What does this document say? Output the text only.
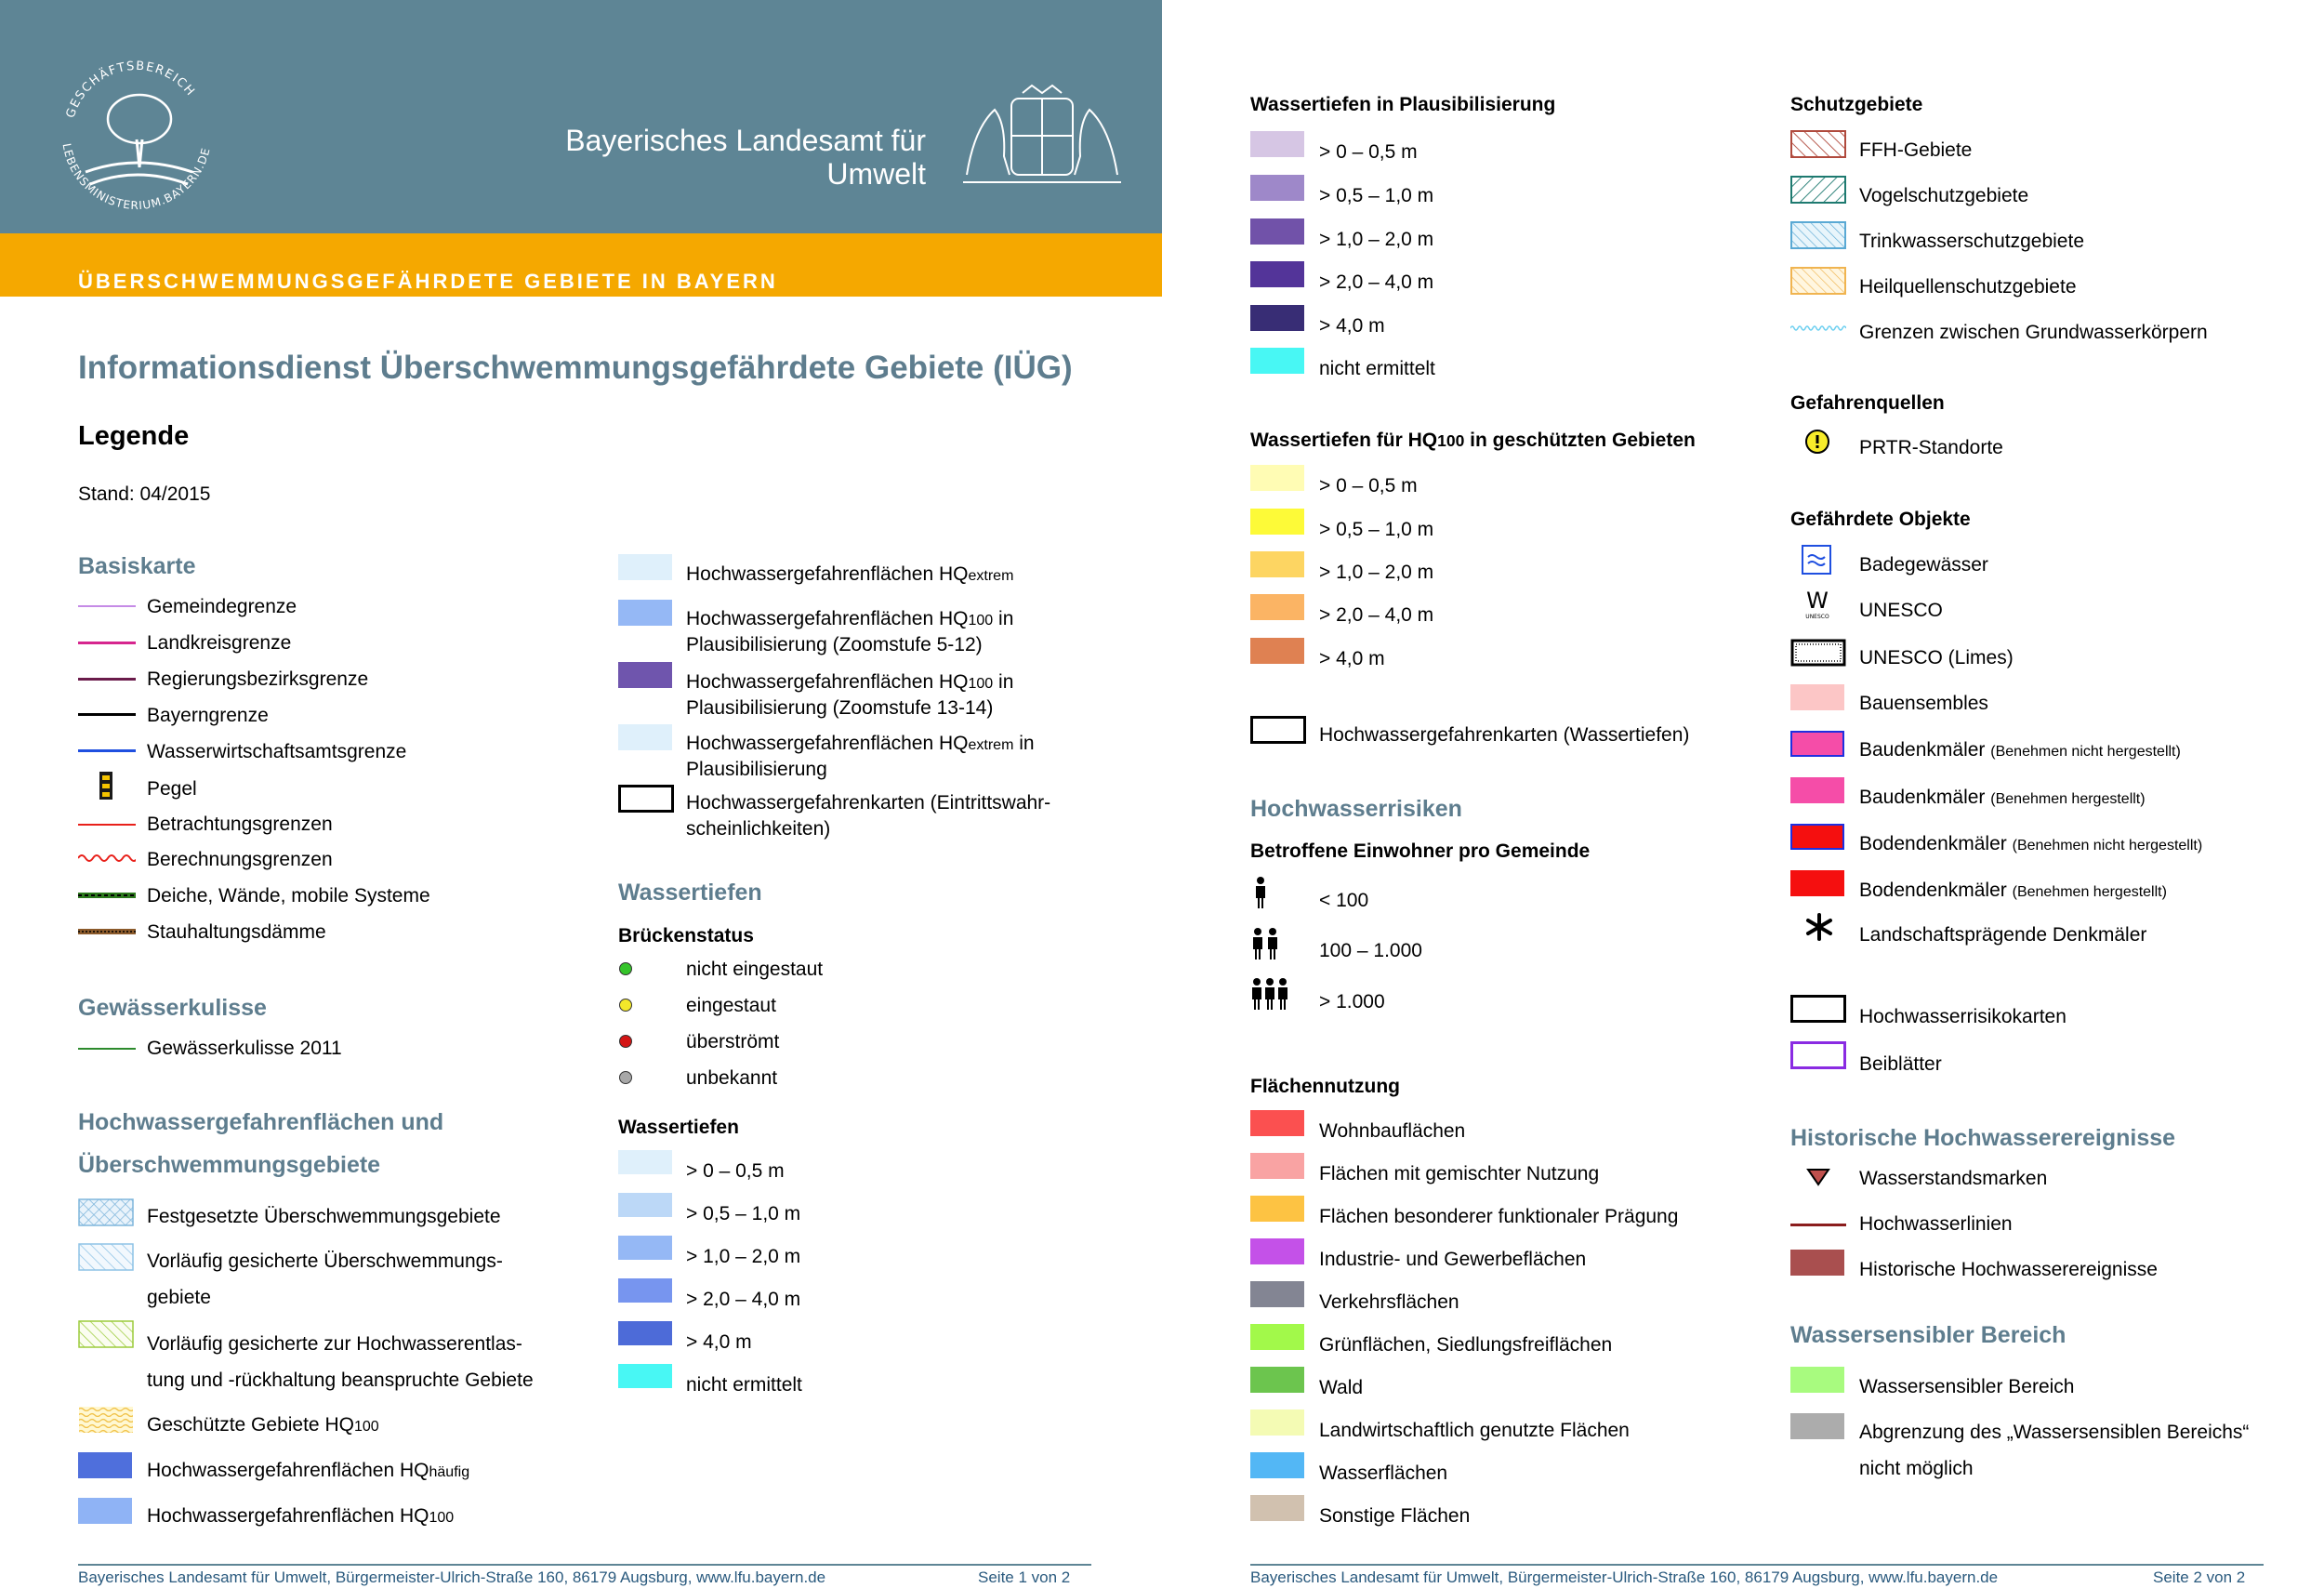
ÜBERSCHWEMMUNGSGEFÄHRDETE GEBIETE IN BAYERN
GESCHÄFTSBEREICH
LEBENSMINISTERIUM.BAYERN.DE	Bayerisches Landesamt für
Umwelt
Informationsdienst Überschwemmungsgefährdete Gebiete (IÜG)
Legende
Stand: 04/2015
Basiskarte
Gemeindegrenze
Landkreisgrenze
Regierungsbezirksgrenze
Bayerngrenze
Wasserwirtschaftsamtsgrenze
Pegel
Betrachtungsgrenzen
Berechnungsgrenzen
Deiche, Wände, mobile Systeme
Stauhaltungsdämme
Gewässerkulisse
Gewässerkulisse 2011
Hochwassergefahrenflächen und
Überschwemmungsgebiete
Festgesetzte Überschwemmungsgebiete
Vorläufig gesicherte Überschwemmungs-
gebiete
Vorläufig gesicherte zur Hochwasserentlas-
tung und -rückhaltung beanspruchte Gebiete
Geschützte Gebiete HQ100
Hochwassergefahrenflächen HQhäufig
Hochwassergefahrenflächen HQ100
Hochwassergefahrenflächen HQextrem
Hochwassergefahrenflächen HQ100 in
Plausibilisierung (Zoomstufe 5-12)
Hochwassergefahrenflächen HQ100 in
Plausibilisierung (Zoomstufe 13-14)
Hochwassergefahrenflächen HQextrem in
Plausibilisierung
Hochwassergefahrenkarten (Eintrittswahr-
scheinlichkeiten)
Wassertiefen
Brückenstatus
nicht eingestaut
eingestaut
überströmt
unbekannt
Wassertiefen
> 0 – 0,5 m
> 0,5 – 1,0 m
> 1,0 – 2,0 m
> 2,0 – 4,0 m
> 4,0 m
nicht ermittelt
Bayerisches Landesamt für Umwelt, Bürgermeister-Ulrich-Straße 160, 86179 Augsburg, www.lfu.bayern.de	Seite 1 von 2
Wassertiefen in Plausibilisierung
> 0 – 0,5 m
> 0,5 – 1,0 m
> 1,0 – 2,0 m
> 2,0 – 4,0 m
> 4,0 m
nicht ermittelt
Wassertiefen für HQ100 in geschützten Gebieten
> 0 – 0,5 m
> 0,5 – 1,0 m
> 1,0 – 2,0 m
> 2,0 – 4,0 m
> 4,0 m
Hochwassergefahrenkarten (Wassertiefen)
Hochwasserrisiken
Betroffene Einwohner pro Gemeinde
< 100
100 – 1.000
> 1.000
Flächennutzung
Wohnbauflächen
Flächen mit gemischter Nutzung
Flächen besonderer funktionaler Prägung
Industrie- und Gewerbeflächen
Verkehrsflächen
Grünflächen, Siedlungsfreiflächen
Wald
Landwirtschaftlich genutzte Flächen
Wasserflächen
Sonstige Flächen
Schutzgebiete
FFH-Gebiete
Vogelschutzgebiete
Trinkwasserschutzgebiete
Heilquellenschutzgebiete
Grenzen zwischen Grundwasserkörpern
Gefahrenquellen
PRTR-Standorte
Gefährdete Objekte
Badegewässer
W
UNESCO UNESCO
UNESCO (Limes)
Bauensembles
Baudenkmäler (Benehmen nicht hergestellt)
Baudenkmäler (Benehmen hergestellt)
Bodendenkmäler (Benehmen nicht hergestellt)
Bodendenkmäler (Benehmen hergestellt)
Landschaftsprägende Denkmäler
Hochwasserrisikokarten
Beiblätter
Historische Hochwasserereignisse
Wasserstandsmarken
Hochwasserlinien
Historische Hochwasserereignisse
Wassersensibler Bereich
Wassersensibler Bereich
Abgrenzung des „Wassersensiblen Bereichs“
nicht möglich
Bayerisches Landesamt für Umwelt, Bürgermeister-Ulrich-Straße 160, 86179 Augsburg, www.lfu.bayern.de	Seite 2 von 2
